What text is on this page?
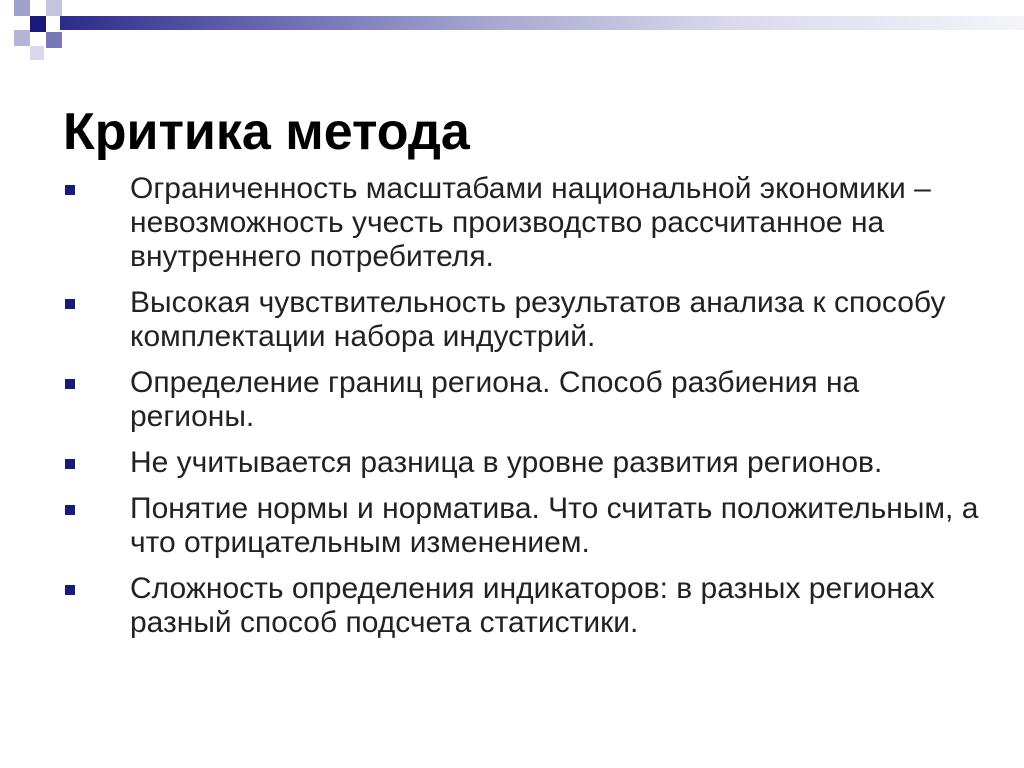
Критика метода
Ограниченность масштабами национальной экономики – невозможность учесть производство рассчитанное на внутреннего потребителя.
Высокая чувствительность результатов анализа к способу комплектации набора индустрий.
Определение границ региона. Способ разбиения на регионы.
Не учитывается разница в уровне развития регионов.
Понятие нормы и норматива. Что считать положительным, а что отрицательным изменением.
Сложность определения индикаторов: в разных регионах разный способ подсчета статистики.
